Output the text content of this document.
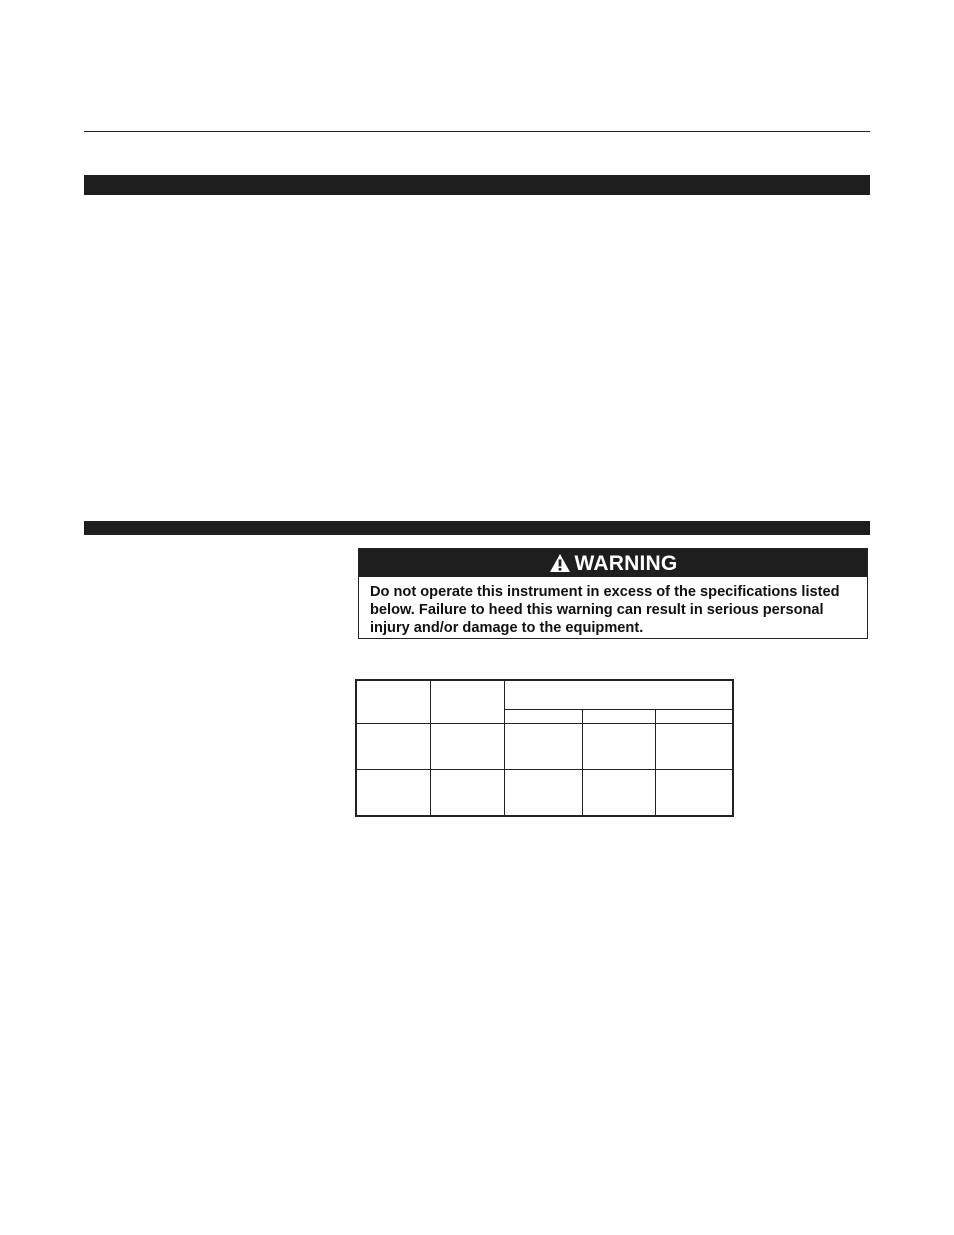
WARNING
Do not operate this instrument in excess of the specifications listed
below. Failure to heed this warning can result in serious personal
injury and/or damage to the equipment.
